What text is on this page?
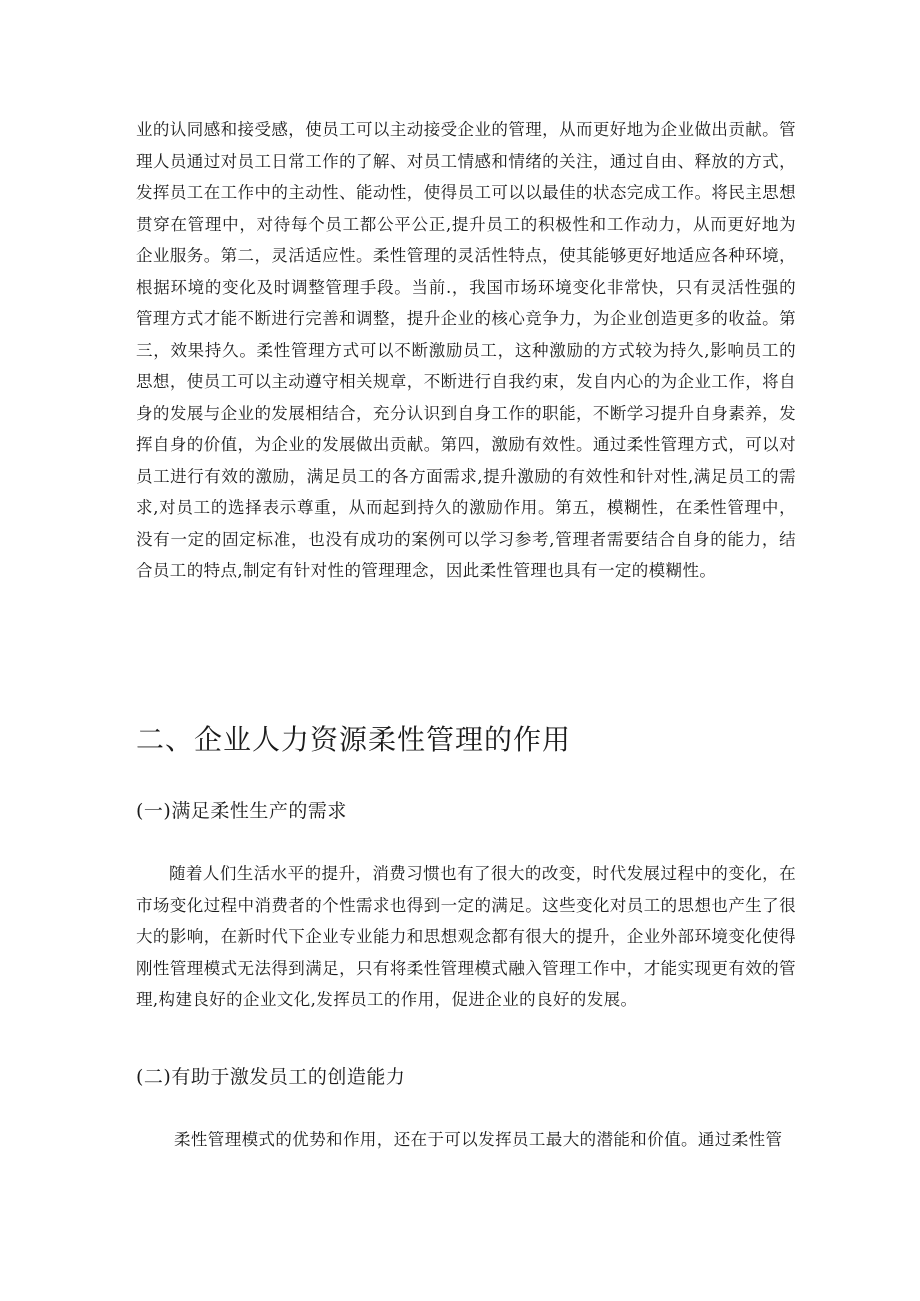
业的认同感和接受感，使员工可以主动接受企业的管理，从而更好地为企业做出贡献。管理人员通过对员工日常工作的了解、对员工情感和情绪的关注，通过自由、释放的方式，发挥员工在工作中的主动性、能动性，使得员工可以以最佳的状态完成工作。将民主思想贯穿在管理中，对待每个员工都公平公正,提升员工的积极性和工作动力，从而更好地为企业服务。第二，灵活适应性。柔性管理的灵活性特点，使其能够更好地适应各种环境，根据环境的变化及时调整管理手段。当前.，我国市场环境变化非常快，只有灵活性强的管理方式才能不断进行完善和调整，提升企业的核心竞争力，为企业创造更多的收益。第三，效果持久。柔性管理方式可以不断激励员工，这种激励的方式较为持久,影响员工的思想，使员工可以主动遵守相关规章，不断进行自我约束，发自内心的为企业工作，将自身的发展与企业的发展相结合，充分认识到自身工作的职能，不断学习提升自身素养，发挥自身的价值，为企业的发展做出贡献。第四，激励有效性。通过柔性管理方式，可以对员工进行有效的激励，满足员工的各方面需求,提升激励的有效性和针对性,满足员工的需求,对员工的选择表示尊重，从而起到持久的激励作用。第五，模糊性，在柔性管理中，没有一定的固定标准，也没有成功的案例可以学习参考,管理者需要结合自身的能力，结合员工的特点,制定有针对性的管理理念，因此柔性管理也具有一定的模糊性。

二、企业人力资源柔性管理的作用
(一)满足柔性生产的需求

随着人们生活水平的提升，消费习惯也有了很大的改变，时代发展过程中的变化，在市场变化过程中消费者的个性需求也得到一定的满足。这些变化对员工的思想也产生了很大的影响，在新时代下企业专业能力和思想观念都有很大的提升，企业外部环境变化使得刚性管理模式无法得到满足，只有将柔性管理模式融入管理工作中，才能实现更有效的管理,构建良好的企业文化,发挥员工的作用，促进企业的良好的发展。

(二)有助于激发员工的创造能力

柔性管理模式的优势和作用，还在于可以发挥员工最大的潜能和价值。通过柔性管
